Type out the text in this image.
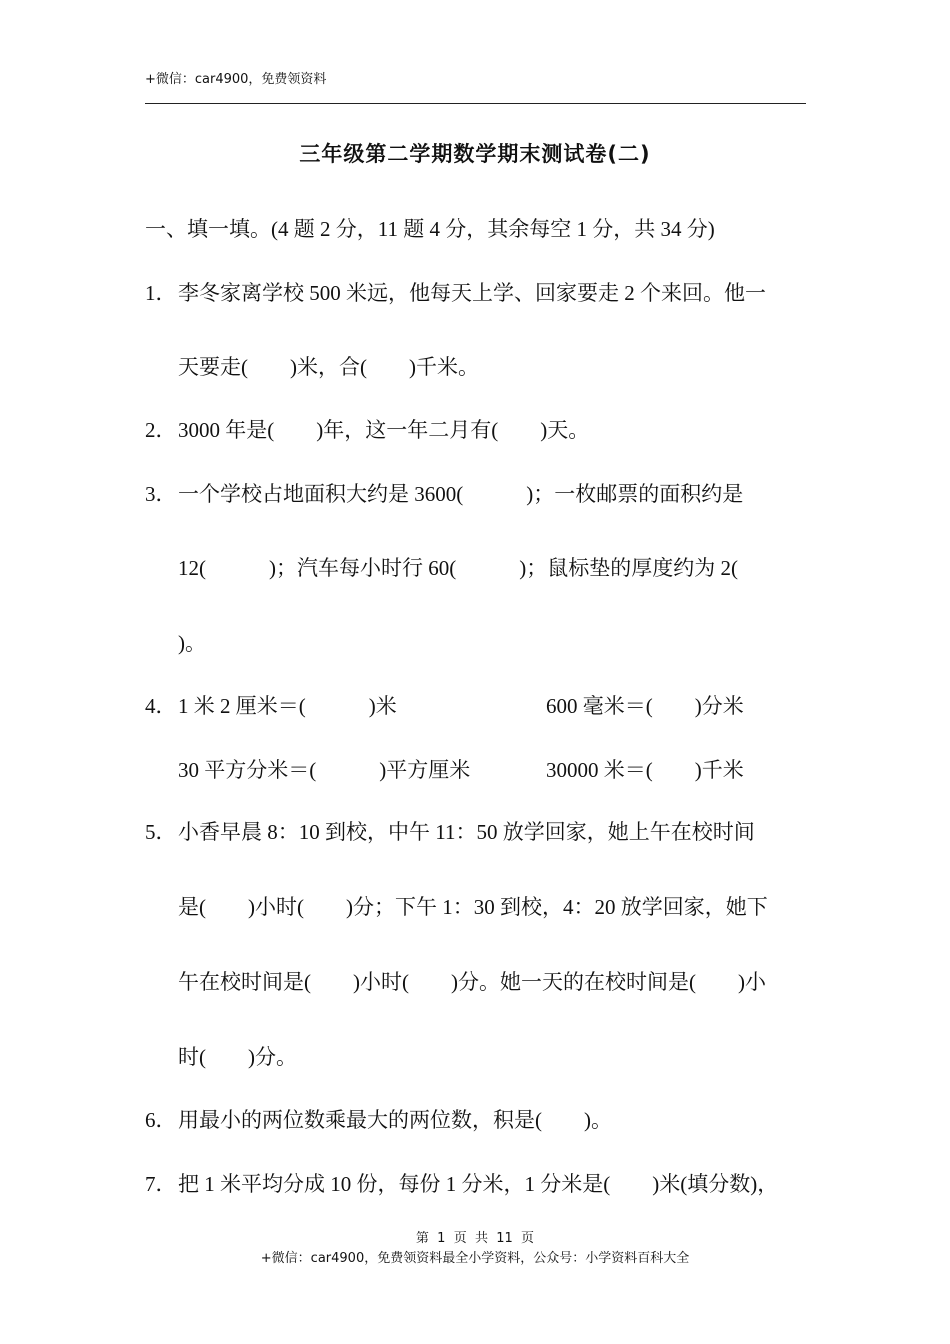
+微信：car4900，免费领资料
三年级第二学期数学期末测试卷(二)
一、填一填。(4 题 2 分，11 题 4 分，其余每空 1 分，共 34 分)
1． 李冬家离学校 500 米远，他每天上学、回家要走 2 个来回。他一
天要走(        )米，合(        )千米。
2． 3000 年是(        )年，这一年二月有(        )天。
3． 一个学校占地面积大约是 3600(            )；一枚邮票的面积约是
12(            )；汽车每小时行 60(            )；鼠标垫的厚度约为 2(
)。
4． 1 米 2 厘米＝(            )米	600 毫米＝(        )分米
30 平方分米＝(            )平方厘米	30000 米＝(        )千米
5． 小香早晨 8：10 到校，中午 11：50 放学回家，她上午在校时间
是(        )小时(        )分；下午 1：30 到校，4：20 放学回家，她下
午在校时间是(        )小时(        )分。她一天的在校时间是(        )小
时(        )分。
6． 用最小的两位数乘最大的两位数，积是(        )。
7． 把 1 米平均分成 10 份，每份 1 分米，1 分米是(        )米(填分数)，
第  1  页  共  11  页
+微信：car4900，免费领资料最全小学资料，公众号：小学资料百科大全
